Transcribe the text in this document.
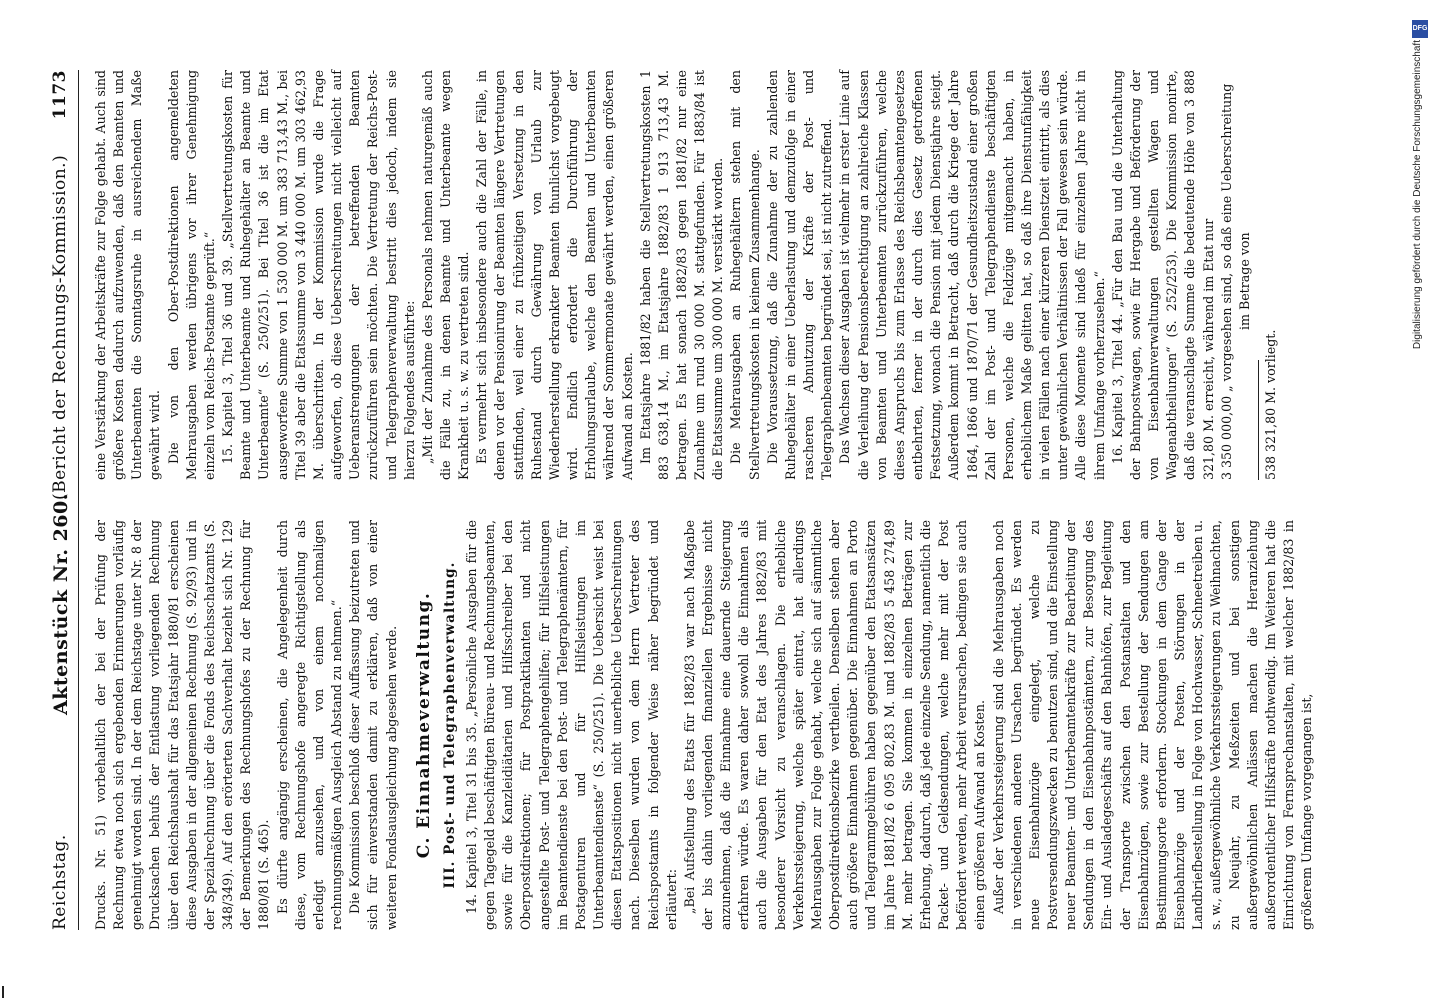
Reichstag.
Aktenstück Nr. 260.
(Bericht der Rechnungs-Kommission.)
1173

Drucks. Nr. 51) vorbehaltlich der bei der Prüfung der Rechnung etwa noch sich ergebenden Erinnerungen vorläufig genehmigt worden sind. In der dem Reichstage unter Nr. 8 der Drucksachen behufs der Entlastung vorliegenden Rechnung über den Reichshaushalt für das Etatsjahr 1880/81 erscheinen diese Ausgaben in der allgemeinen Rechnung (S. 92/93) und in der Spezialrechnung über die Fonds des Reichsschatzamts (S. 348/349). Auf den erörterten Sachverhalt bezieht sich Nr. 129 der Bemerkungen des Rechnungshofes zu der Rechnung für 1880/81 (S. 465). Es dürfte angängig erscheinen, die Angelegenheit durch diese, vom Rechnungshofe angeregte Richtigstellung als erledigt anzusehen, und von einem nochmaligen rechnungsmäßigen Ausgleich Abstand zu nehmen.“ Die Kommission beschloß dieser Auffassung beizutreten und sich für einverstanden damit zu erklären, daß von einer weiteren Fondsausgleichung abgesehen werde. C. Einnahmeverwaltung. III. Post- und Telegraphenverwaltung. 14. Kapitel 3, Titel 31 bis 35. „Persönliche Ausgaben für die gegen Tagegeld beschäftigten Büreau- und Rechnungsbeamten, sowie für die Kanzleidiätarien und Hilfsschreiber bei den Oberpostdirektionen; für Postpraktikanten und nicht angestellte Post- und Telegraphengehilfen; für Hilfsleistungen im Beamtendienste bei den Post- und Telegraphenämtern, für Postagenturen und für Hilfsleistungen im Unterbeamtendienste“ (S. 250/251). Die Uebersicht weist bei diesen Etatspositionen nicht unerhebliche Ueberschreitungen nach. Dieselben wurden von dem Herrn Vertreter des Reichspostamts in folgender Weise näher begründet und erläutert: „Bei Aufstellung des Etats für 1882/83 war nach Maßgabe der bis dahin vorliegenden finanziellen Ergebnisse nicht anzunehmen, daß die Einnahme eine dauernde Steigerung erfahren würde. Es waren daher sowohl die Einnahmen als auch die Ausgaben für den Etat des Jahres 1882/83 mit besonderer Vorsicht zu veranschlagen. Die erhebliche Verkehrssteigerung, welche später eintrat, hat allerdings Mehrausgaben zur Folge gehabt, welche sich auf sämmtliche Oberpostdirektionsbezirke vertheilen. Denselben stehen aber auch größere Einnahmen gegenüber. Die Einnahmen an Porto und Telegrammgebühren haben gegenüber den Etatsansätzen im Jahre 1881/82 6 095 802,83 M. und 1882/83 5 458 274,89 M. mehr betragen. Sie kommen in einzelnen Beträgen zur Erhebung, dadurch, daß jede einzelne Sendung, namentlich die Packet- und Geldsendungen, welche mehr mit der Post befördert werden, mehr Arbeit verursachen, bedingen sie auch einen größeren Aufwand an Kosten. Außer der Verkehrssteigerung sind die Mehrausgaben noch in verschiedenen anderen Ursachen begründet. Es werden neue Eisenbahnzüge eingelegt, welche zu Postversendungszwecken zu benutzen sind, und die Einstellung neuer Beamten- und Unterbeamtenkräfte zur Bearbeitung der Sendungen in den Eisenbahnpostämtern, zur Besorgung des Ein- und Ausladegeschäfts auf den Bahnhöfen, zur Begleitung der Transporte zwischen den Postanstalten und den Eisenbahnzügen, sowie zur Bestellung der Sendungen am Bestimmungsorte erfordern. Stockungen in dem Gange der Eisenbahnzüge und der Posten, Störungen in der Landbriefbestellung in Folge von Hochwasser, Schneetreiben u. s. w., außergewöhnliche Verkehrssteigerungen zu Weihnachten, zu Neujahr, zu Meßzeiten und bei sonstigen außergewöhnlichen Anlässen machen die Heranziehung außerordentlicher Hilfskräfte nothwendig. Im Weiteren hat die Einrichtung von Fernsprechanstalten, mit welcher 1882/83 in größerem Umfange vorgegangen ist,

eine Verstärkung der Arbeitskräfte zur Folge gehabt. Auch sind größere Kosten dadurch aufzuwenden, daß den Beamten und Unterbeamten die Sonntagsruhe in ausreichendem Maße gewährt wird. Die von den Ober-Postdirektionen angemeldeten Mehrausgaben werden übrigens vor ihrer Genehmigung einzeln vom Reichs-Postamte geprüft.“ 15. Kapitel 3, Titel 36 und 39. „Stellvertretungskosten für Beamte und Unterbeamte und Ruhegehälter an Beamte und Unterbeamte“ (S. 250/251). Bei Titel 36 ist die im Etat ausgeworfene Summe von 1 530 000 M. um 383 713,43 M., bei Titel 39 aber die Etatssumme von 3 440 000 M. um 303 462,93 M. überschritten. In der Kommission wurde die Frage aufgeworfen, ob diese Ueberschreitungen nicht vielleicht auf Ueberanstrengungen der betreffenden Beamten zurückzuführen sein möchten. Die Vertretung der Reichs-Post- und Telegraphenverwaltung bestritt dies jedoch, indem sie hierzu Folgendes ausführte: „Mit der Zunahme des Personals nehmen naturgemäß auch die Fälle zu, in denen Beamte und Unterbeamte wegen Krankheit u. s. w. zu vertreten sind. Es vermehrt sich insbesondere auch die Zahl der Fälle, in denen vor der Pensionirung der Beamten längere Vertretungen stattfinden, weil einer zu frühzeitigen Versetzung in den Ruhestand durch Gewährung von Urlaub zur Wiederherstellung erkrankter Beamten thunlichst vorgebeugt wird. Endlich erfordert die Durchführung der Erholungsurlaube, welche den Beamten und Unterbeamten während der Sommermonate gewährt werden, einen größeren Aufwand an Kosten. Im Etatsjahre 1881/82 haben die Stellvertretungskosten 1 883 638,14 M., im Etatsjahre 1882/83 1 913 713,43 M. betragen. Es hat sonach 1882/83 gegen 1881/82 nur eine Zunahme um rund 30 000 M. stattgefunden. Für 1883/84 ist die Etatssumme um 300 000 M. verstärkt worden. Die Mehrausgaben an Ruhegehältern stehen mit den Stellvertretungskosten in keinem Zusammenhange. Die Voraussetzung, daß die Zunahme der zu zahlenden Ruhegehälter in einer Ueberlastung und demzufolge in einer rascheren Abnutzung der Kräfte der Post- und Telegraphenbeamten begründet sei, ist nicht zutreffend. Das Wachsen dieser Ausgaben ist vielmehr in erster Linie auf die Verleihung der Pensionsberechtigung an zahlreiche Klassen von Beamten und Unterbeamten zurückzuführen, welche dieses Anspruchs bis zum Erlasse des Reichsbeamtengesetzes entbehrten, ferner in der durch dies Gesetz getroffenen Festsetzung, wonach die Pension mit jedem Dienstjahre steigt. Außerdem kommt in Betracht, daß durch die Kriege der Jahre 1864, 1866 und 1870/71 der Gesundheitszustand einer großen Zahl der im Post- und Telegraphendienste beschäftigten Personen, welche die Feldzüge mitgemacht haben, in erheblichem Maße gelitten hat, so daß ihre Dienstunfähigkeit in vielen Fällen nach einer kürzeren Dienstzeit eintritt, als dies unter gewöhnlichen Verhältnissen der Fall gewesen sein würde. Alle diese Momente sind indeß für einzelnen Jahre nicht in ihrem Umfange vorherzusehen.“ 16. Kapitel 3, Titel 44. „Für den Bau und die Unterhaltung der Bahnpostwagen, sowie für Hergabe und Beförderung der von Eisenbahnverwaltungen gestellten Wagen und Wagenabtheilungen“ (S. 252/253). Die Kommission monirte, daß die veranschlagte Summe die bedeutende Höhe von 3 888 321,80 M. erreicht, während im Etat nur 3 350 000,00 „ vorgesehen sind, so daß eine Ueberschreitung im Betrage von
538 321,80 M. vorliegt.
DFG
Digitalisierung gefördert durch die Deutsche Forschungsgemeinschaft
